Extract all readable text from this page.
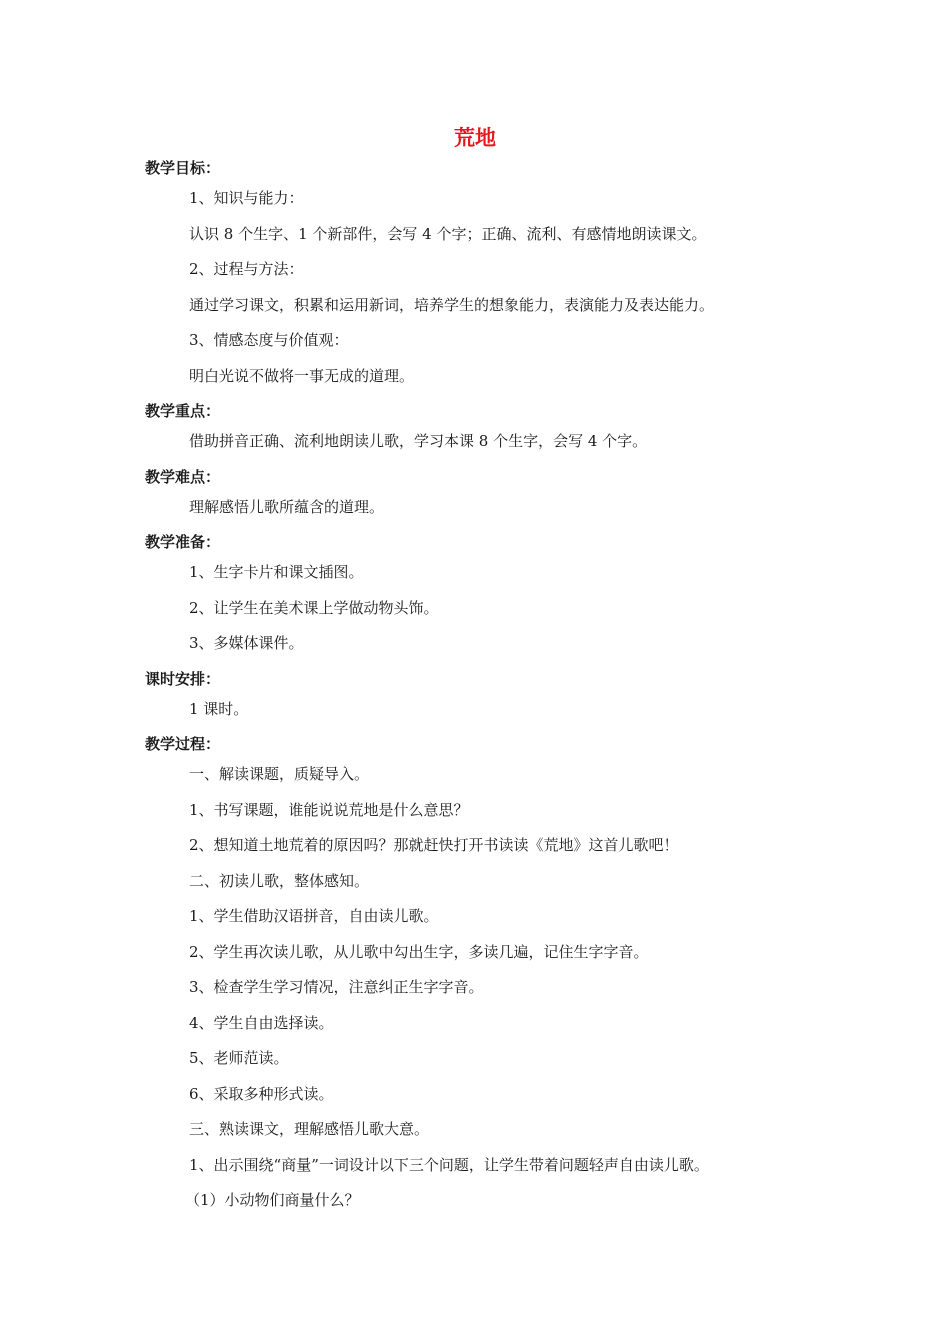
荒地
教学目标：
1、知识与能力：
认识 8 个生字、1 个新部件，会写 4 个字；正确、流利、有感情地朗读课文。
2、过程与方法：
通过学习课文，积累和运用新词，培养学生的想象能力，表演能力及表达能力。
3、情感态度与价值观：
明白光说不做将一事无成的道理。
教学重点：
借助拼音正确、流利地朗读儿歌，学习本课 8 个生字，会写 4 个字。
教学难点：
理解感悟儿歌所蕴含的道理。
教学准备：
1、生字卡片和课文插图。
2、让学生在美术课上学做动物头饰。
3、多媒体课件。
课时安排：
1 课时。
教学过程：
一、解读课题，质疑导入。
1、书写课题，谁能说说荒地是什么意思？
2、想知道土地荒着的原因吗？那就赶快打开书读读《荒地》这首儿歌吧！
二、初读儿歌，整体感知。
1、学生借助汉语拼音，自由读儿歌。
2、学生再次读儿歌，从儿歌中勾出生字，多读几遍，记住生字字音。
3、检查学生学习情况，注意纠正生字字音。
4、学生自由选择读。
5、老师范读。
6、采取多种形式读。
三、熟读课文，理解感悟儿歌大意。
1、出示围绕“商量”一词设计以下三个问题，让学生带着问题轻声自由读儿歌。
（1）小动物们商量什么？
